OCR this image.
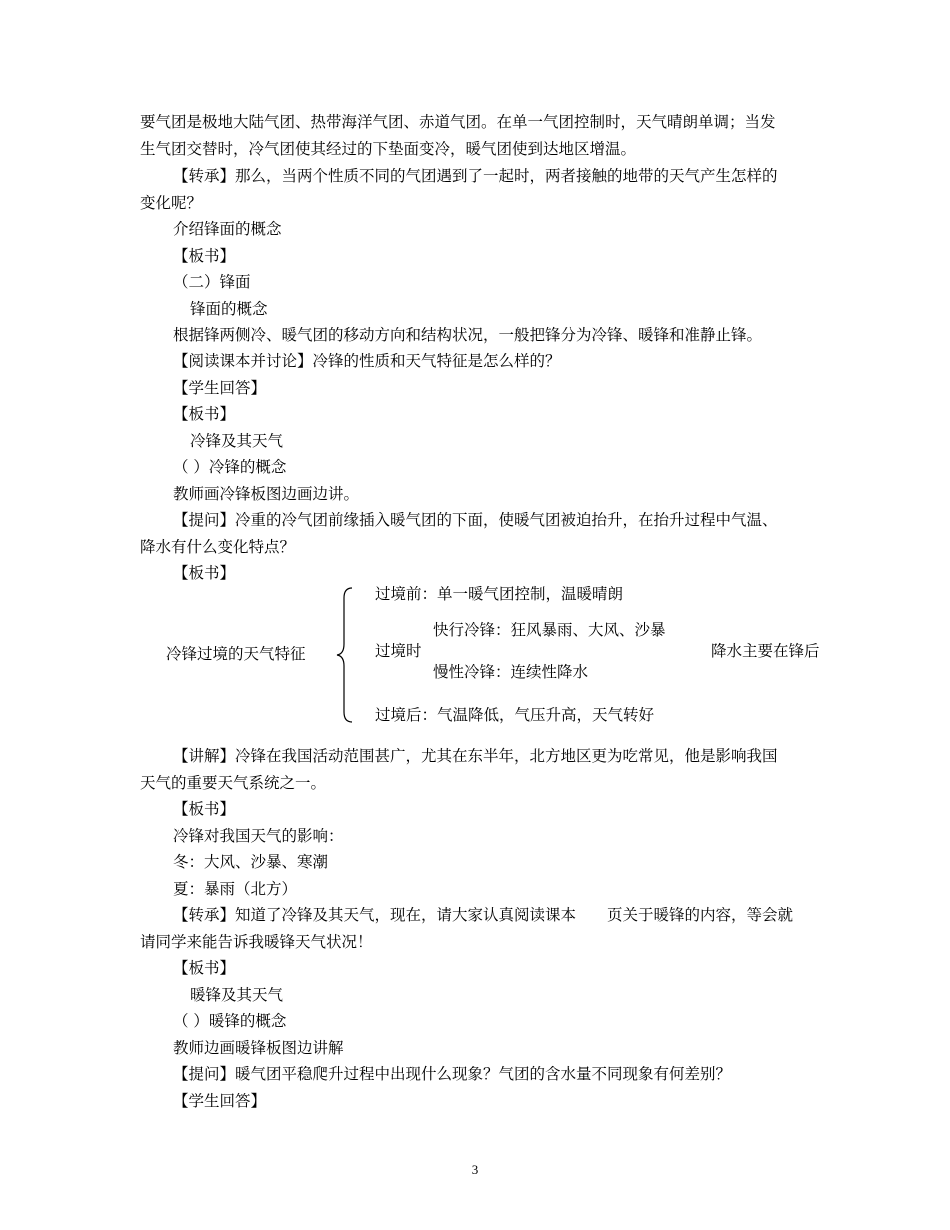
要气团是极地大陆气团、热带海洋气团、赤道气团。在单一气团控制时，天气晴朗单调；当发
生气团交替时，冷气团使其经过的下垫面变冷，暖气团使到达地区增温。
【转承】那么，当两个性质不同的气团遇到了一起时，两者接触的地带的天气产生怎样的
变化呢？
介绍锋面的概念
【板书】
（二）锋面
锋面的概念
根据锋两侧冷、暖气团的移动方向和结构状况，一般把锋分为冷锋、暖锋和准静止锋。
【阅读课本并讨论】冷锋的性质和天气特征是怎么样的？
【学生回答】
【板书】
冷锋及其天气
（ ）冷锋的概念
教师画冷锋板图边画边讲。
【提问】冷重的冷气团前缘插入暖气团的下面，使暖气团被迫抬升，在抬升过程中气温、
降水有什么变化特点？
【板书】
冷锋过境的天气特征
过境前：单一暖气团控制，温暖晴朗
过境时
快行冷锋：狂风暴雨、大风、沙暴
慢性冷锋：连续性降水
过境后：气温降低，气压升高，天气转好
降水主要在锋后
【讲解】冷锋在我国活动范围甚广，尤其在东半年，北方地区更为吃常见，他是影响我国
天气的重要天气系统之一。
【板书】
冷锋对我国天气的影响：
冬：大风、沙暴、寒潮
夏：暴雨（北方）
【转承】知道了冷锋及其天气，现在，请大家认真阅读课本　　页关于暖锋的内容，等会就
请同学来能告诉我暖锋天气状况！
【板书】
暖锋及其天气
（ ）暖锋的概念
教师边画暖锋板图边讲解
【提问】暖气团平稳爬升过程中出现什么现象？气团的含水量不同现象有何差别？
【学生回答】
3
